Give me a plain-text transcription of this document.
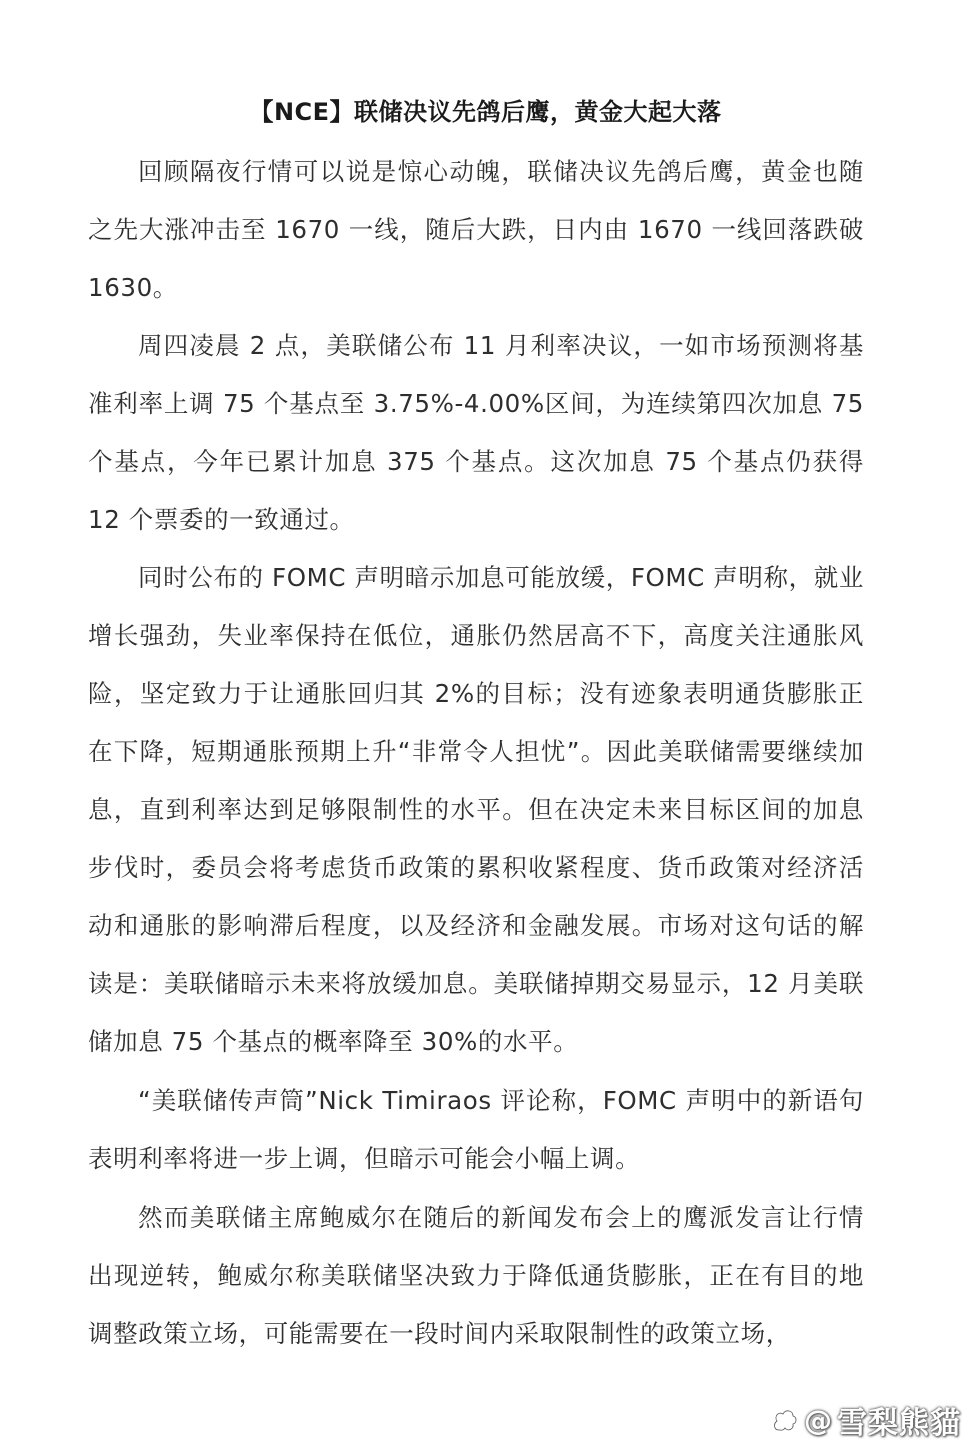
【NCE】联储决议先鸽后鹰，黄金大起大落

回顾隔夜行情可以说是惊心动魄，联储决议先鸽后鹰，黄金也随之先大涨冲击至 1670 一线，随后大跌，日内由 1670 一线回落跌破 1630。

周四凌晨 2 点，美联储公布 11 月利率决议，一如市场预测将基准利率上调 75 个基点至 3.75%-4.00%区间，为连续第四次加息 75 个基点，今年已累计加息 375 个基点。这次加息 75 个基点仍获得 12 个票委的一致通过。

同时公布的 FOMC 声明暗示加息可能放缓，FOMC 声明称，就业增长强劲，失业率保持在低位，通胀仍然居高不下，高度关注通胀风险，坚定致力于让通胀回归其 2%的目标；没有迹象表明通货膨胀正在下降，短期通胀预期上升“非常令人担忧”。因此美联储需要继续加息，直到利率达到足够限制性的水平。但在决定未来目标区间的加息步伐时，委员会将考虑货币政策的累积收紧程度、货币政策对经济活动和通胀的影响滞后程度，以及经济和金融发展。市场对这句话的解读是：美联储暗示未来将放缓加息。美联储掉期交易显示，12 月美联储加息 75 个基点的概率降至 30%的水平。

“美联储传声筒”Nick Timiraos 评论称，FOMC 声明中的新语句表明利率将进一步上调，但暗示可能会小幅上调。

然而美联储主席鲍威尔在随后的新闻发布会上的鹰派发言让行情出现逆转，鲍威尔称美联储坚决致力于降低通货膨胀，正在有目的地调整政策立场，可能需要在一段时间内采取限制性的政策立场，

@ 雪梨熊貓
